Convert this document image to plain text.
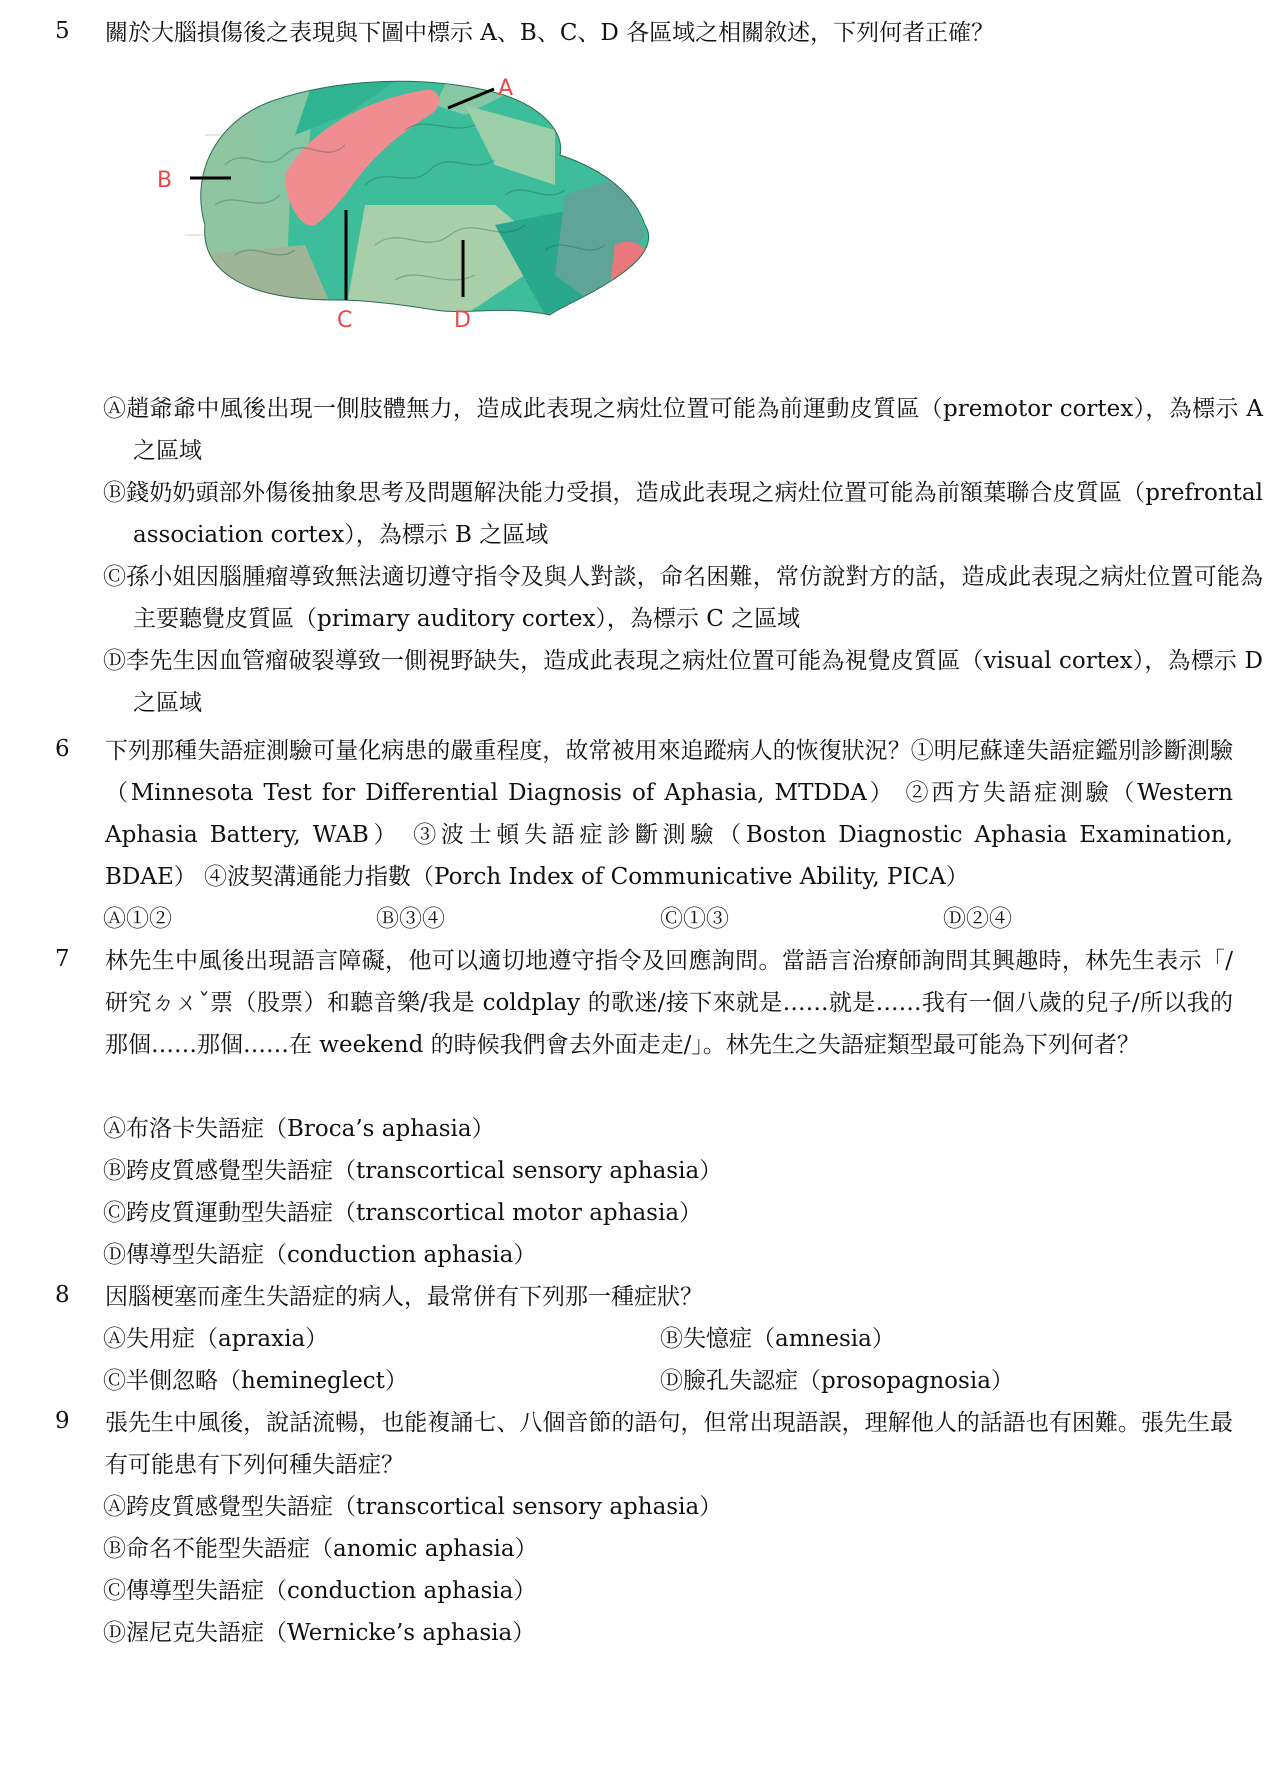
5 關於大腦損傷後之表現與下圖中標示 A、B、C、D 各區域之相關敘述，下列何者正確？
A
B
C	D
Ⓐ趙爺爺中風後出現一側肢體無力，造成此表現之病灶位置可能為前運動皮質區（premotor cortex），為標示 A 之區域
Ⓑ錢奶奶頭部外傷後抽象思考及問題解決能力受損，造成此表現之病灶位置可能為前額葉聯合皮質區（prefrontal association cortex），為標示 B 之區域
Ⓒ孫小姐因腦腫瘤導致無法適切遵守指令及與人對談，命名困難，常仿說對方的話，造成此表現之病灶位置可能為主要聽覺皮質區（primary auditory cortex），為標示 C 之區域
Ⓓ李先生因血管瘤破裂導致一側視野缺失，造成此表現之病灶位置可能為視覺皮質區（visual cortex），為標示 D 之區域
6 下列那種失語症測驗可量化病患的嚴重程度，故常被用來追蹤病人的恢復狀況？①明尼蘇達失語症鑑別診斷測驗（Minnesota Test for Differential Diagnosis of Aphasia, MTDDA） ②西方失語症測驗（Western Aphasia Battery, WAB） ③波士頓失語症診斷測驗（Boston Diagnostic Aphasia Examination, BDAE） ④波契溝通能力指數（Porch Index of Communicative Ability, PICA）
Ⓐ①②	Ⓑ③④	Ⓒ①③	Ⓓ②④
7 林先生中風後出現語言障礙，他可以適切地遵守指令及回應詢問。當語言治療師詢問其興趣時，林先生表示「/研究ㄉㄨˇ票（股票）和聽音樂/我是 coldplay 的歌迷/接下來就是……就是……我有一個八歲的兒子/所以我的那個……那個……在 weekend 的時候我們會去外面走走/」。林先生之失語症類型最可能為下列何者？
Ⓐ布洛卡失語症（Broca’s aphasia）
Ⓑ跨皮質感覺型失語症（transcortical sensory aphasia）
Ⓒ跨皮質運動型失語症（transcortical motor aphasia）
Ⓓ傳導型失語症（conduction aphasia）
8 因腦梗塞而產生失語症的病人，最常併有下列那一種症狀？
Ⓐ失用症（apraxia）	Ⓑ失憶症（amnesia）
Ⓒ半側忽略（hemineglect）	Ⓓ臉孔失認症（prosopagnosia）
9 張先生中風後，說話流暢，也能複誦七、八個音節的語句，但常出現語誤，理解他人的話語也有困難。張先生最有可能患有下列何種失語症？
Ⓐ跨皮質感覺型失語症（transcortical sensory aphasia）
Ⓑ命名不能型失語症（anomic aphasia）
Ⓒ傳導型失語症（conduction aphasia）
Ⓓ渥尼克失語症（Wernicke’s aphasia）
